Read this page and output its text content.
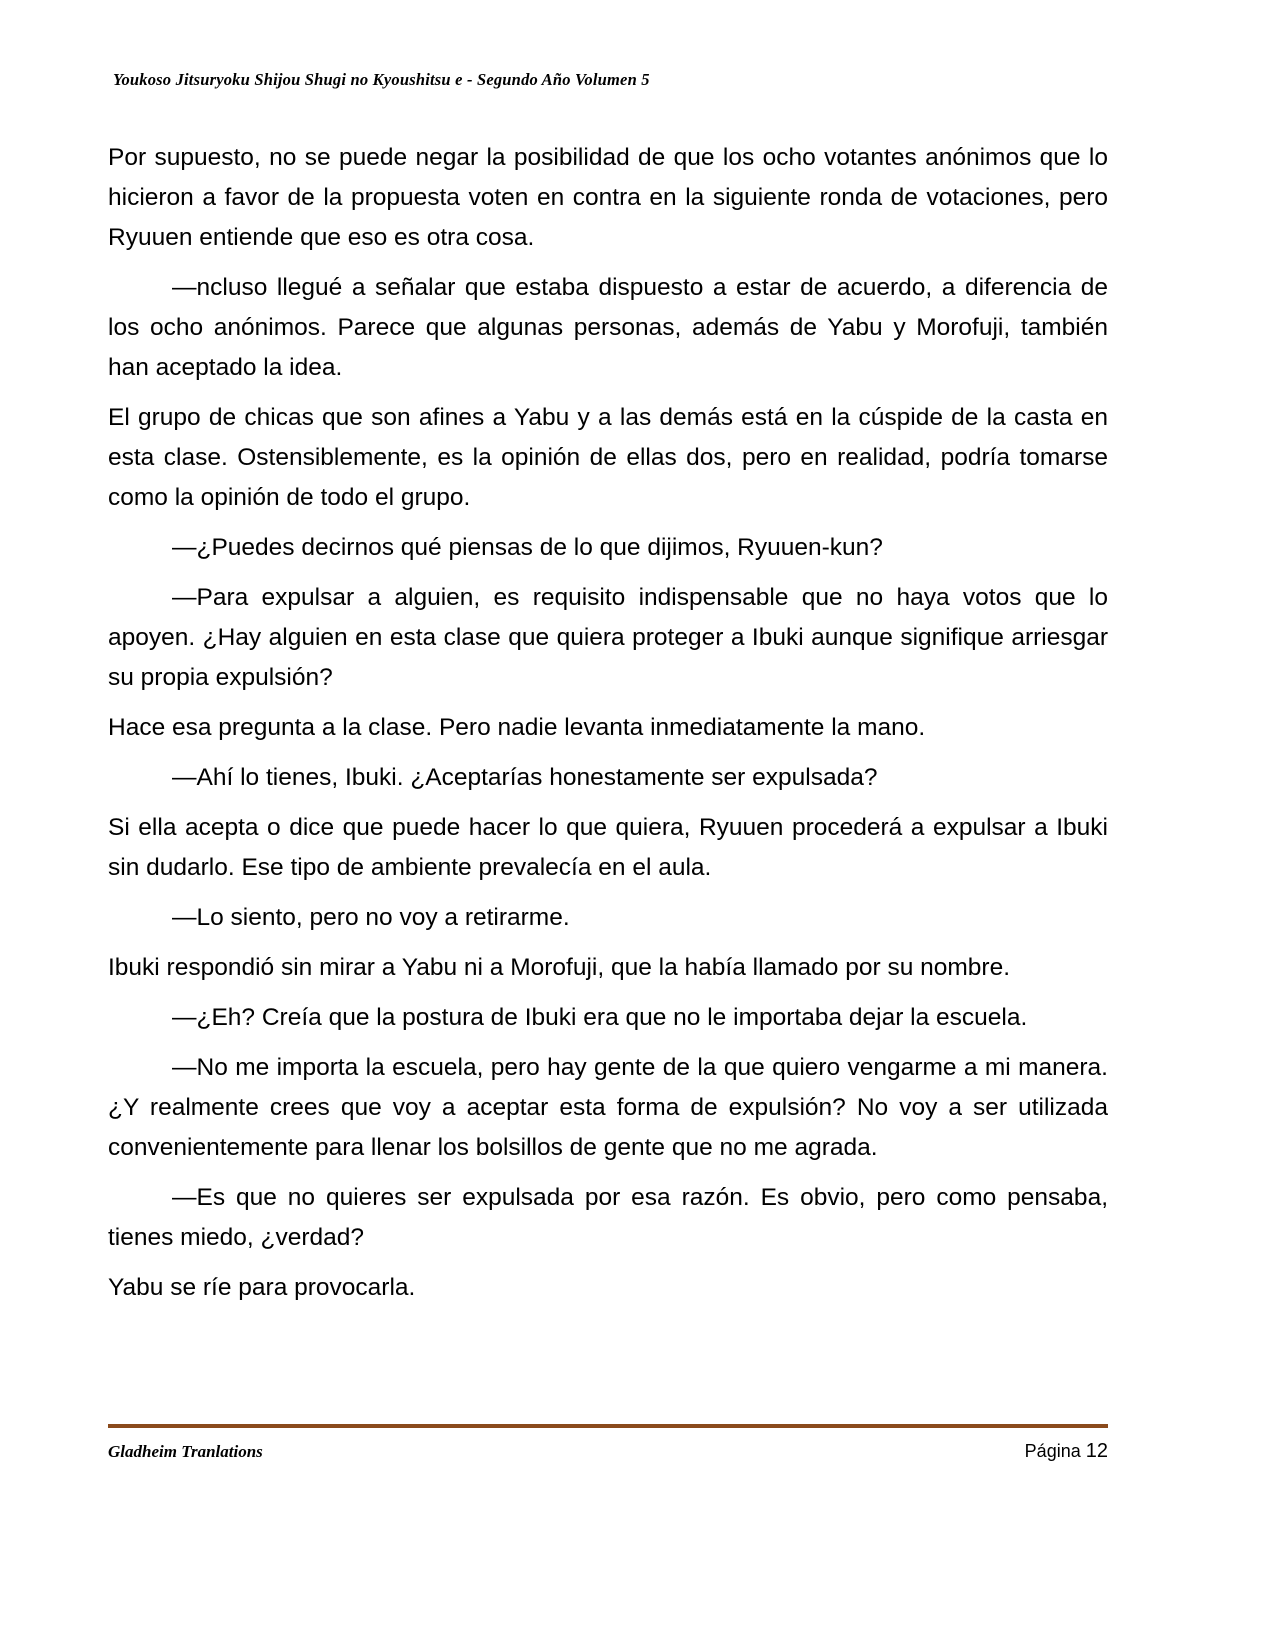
Youkoso Jitsuryoku Shijou Shugi no Kyoushitsu e - Segundo Año Volumen 5

Por supuesto, no se puede negar la posibilidad de que los ocho votantes anónimos que lo hicieron a favor de la propuesta voten en contra en la siguiente ronda de votaciones, pero Ryuuen entiende que eso es otra cosa.

—ncluso llegué a señalar que estaba dispuesto a estar de acuerdo, a diferencia de los ocho anónimos. Parece que algunas personas, además de Yabu y Morofuji, también han aceptado la idea.

El grupo de chicas que son afines a Yabu y a las demás está en la cúspide de la casta en esta clase. Ostensiblemente, es la opinión de ellas dos, pero en realidad, podría tomarse como la opinión de todo el grupo.

—¿Puedes decirnos qué piensas de lo que dijimos, Ryuuen-kun?

—Para expulsar a alguien, es requisito indispensable que no haya votos que lo apoyen. ¿Hay alguien en esta clase que quiera proteger a Ibuki aunque signifique arriesgar su propia expulsión?

Hace esa pregunta a la clase. Pero nadie levanta inmediatamente la mano.

—Ahí lo tienes, Ibuki. ¿Aceptarías honestamente ser expulsada?

Si ella acepta o dice que puede hacer lo que quiera, Ryuuen procederá a expulsar a Ibuki sin dudarlo. Ese tipo de ambiente prevalecía en el aula.

—Lo siento, pero no voy a retirarme.

Ibuki respondió sin mirar a Yabu ni a Morofuji, que la había llamado por su nombre.

—¿Eh? Creía que la postura de Ibuki era que no le importaba dejar la escuela.

—No me importa la escuela, pero hay gente de la que quiero vengarme a mi manera. ¿Y realmente crees que voy a aceptar esta forma de expulsión? No voy a ser utilizada convenientemente para llenar los bolsillos de gente que no me agrada.

—Es que no quieres ser expulsada por esa razón. Es obvio, pero como pensaba, tienes miedo, ¿verdad?

Yabu se ríe para provocarla.

Gladheim Tranlations	Página 12
